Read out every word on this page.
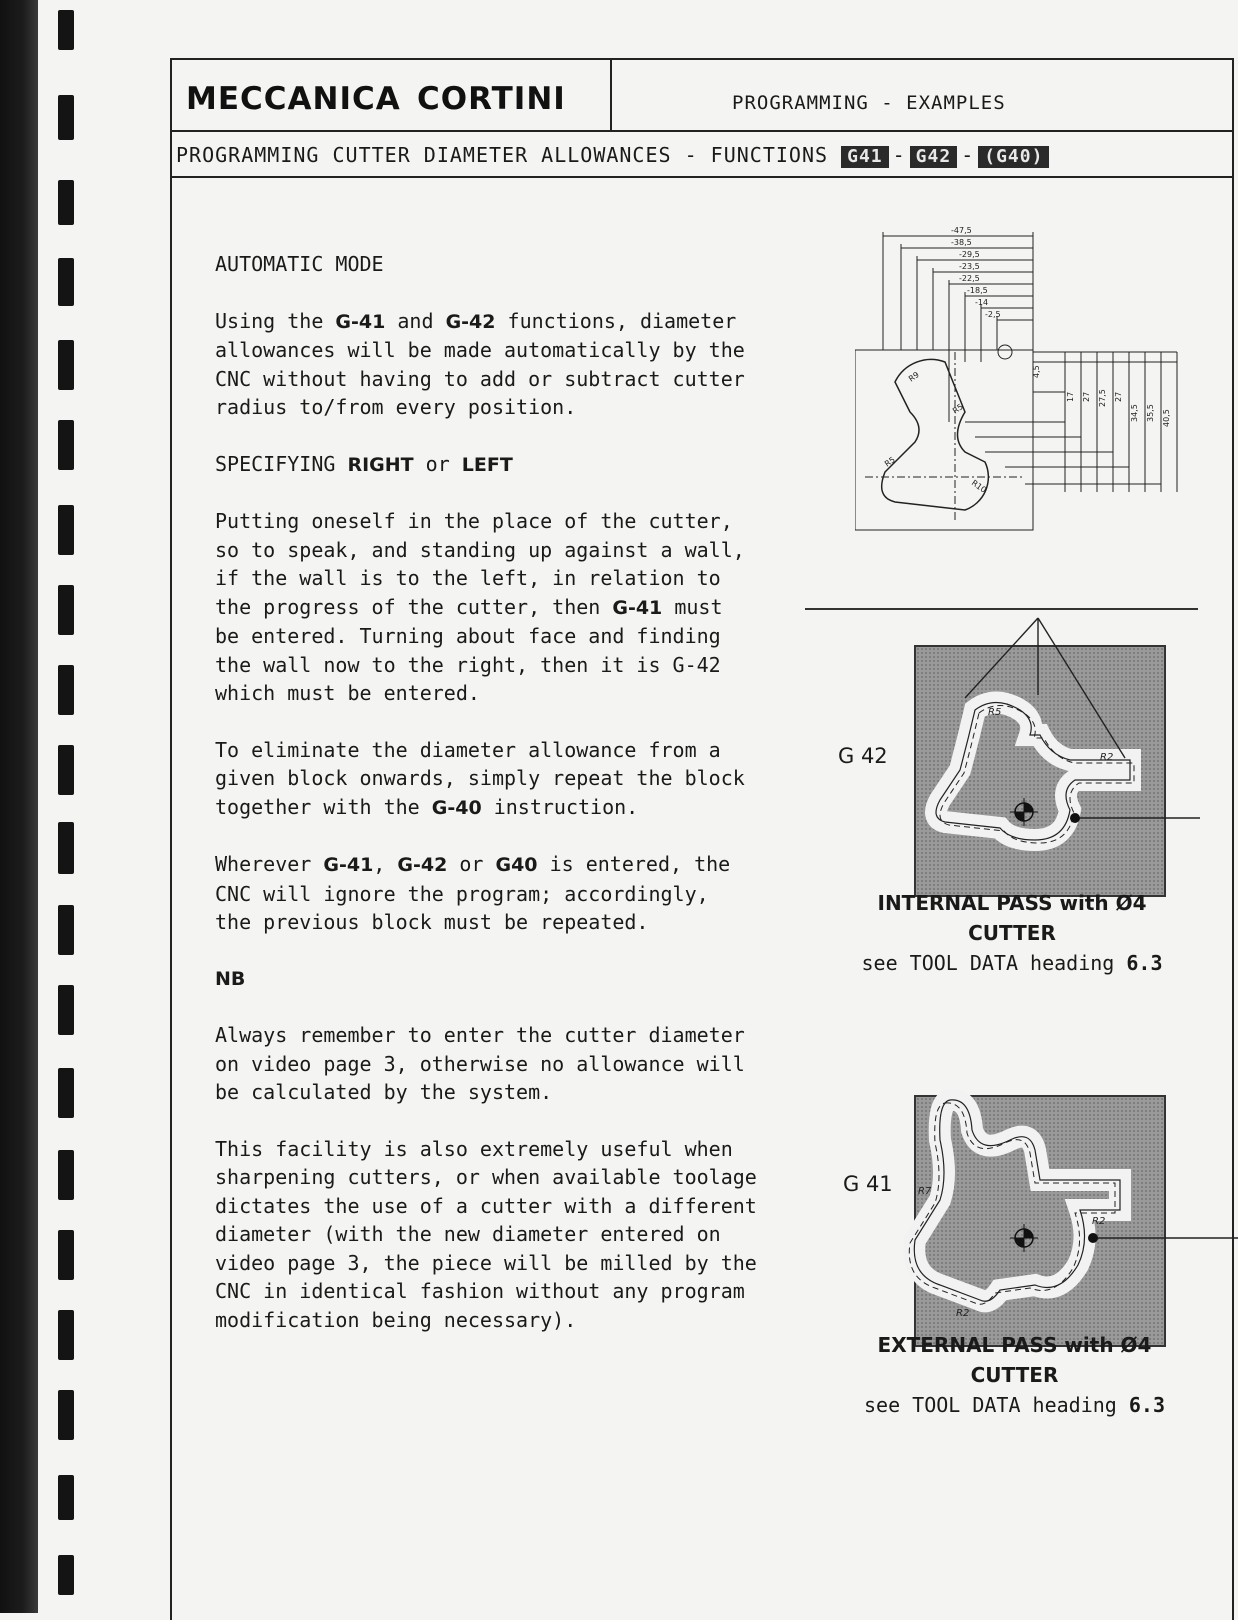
meccanica cortini	PROGRAMMING - EXAMPLES
PROGRAMMING CUTTER DIAMETER ALLOWANCES - FUNCTIONS G41 - G42 - (G40)

AUTOMATIC MODE

Using the G-41 and G-42 functions, diameter
allowances will be made automatically by the
CNC without having to add or subtract cutter
radius to/from every position.

SPECIFYING RIGHT or LEFT

Putting oneself in the place of the cutter,
so to speak, and standing up against a wall,
if the wall is to the left, in relation to
the progress of the cutter, then G-41 must
be entered. Turning about face and finding
the wall now to the right, then it is G-42
which must be entered.

To eliminate the diameter allowance from a
given block onwards, simply repeat the block
together with the G-40 instruction.

Wherever G-41, G-42 or G40 is entered, the
CNC will ignore the program; accordingly,
the previous block must be repeated.

NB

Always remember to enter the cutter diameter
on video page 3, otherwise no allowance will
be calculated by the system.

This facility is also extremely useful when
sharpening cutters, or when available toolage
dictates the use of a cutter with a different
diameter (with the new diameter entered on
video page 3, the piece will be milled by the
CNC in identical fashion without any program
modification being necessary).

-47,5
-38,5
-29,5
-23,5
-22,5
-18,5
-14
-2,5
4,5
17 27 27,5 27
34,5 35,5 40,5
R9
R5
R5
R10
G 42
R5
R2
INTERNAL PASS with Ø4 CUTTER
see TOOL DATA heading 6.3
G 41	R7
R2
R2
EXTERNAL PASS with Ø4 CUTTER
see TOOL DATA heading 6.3
